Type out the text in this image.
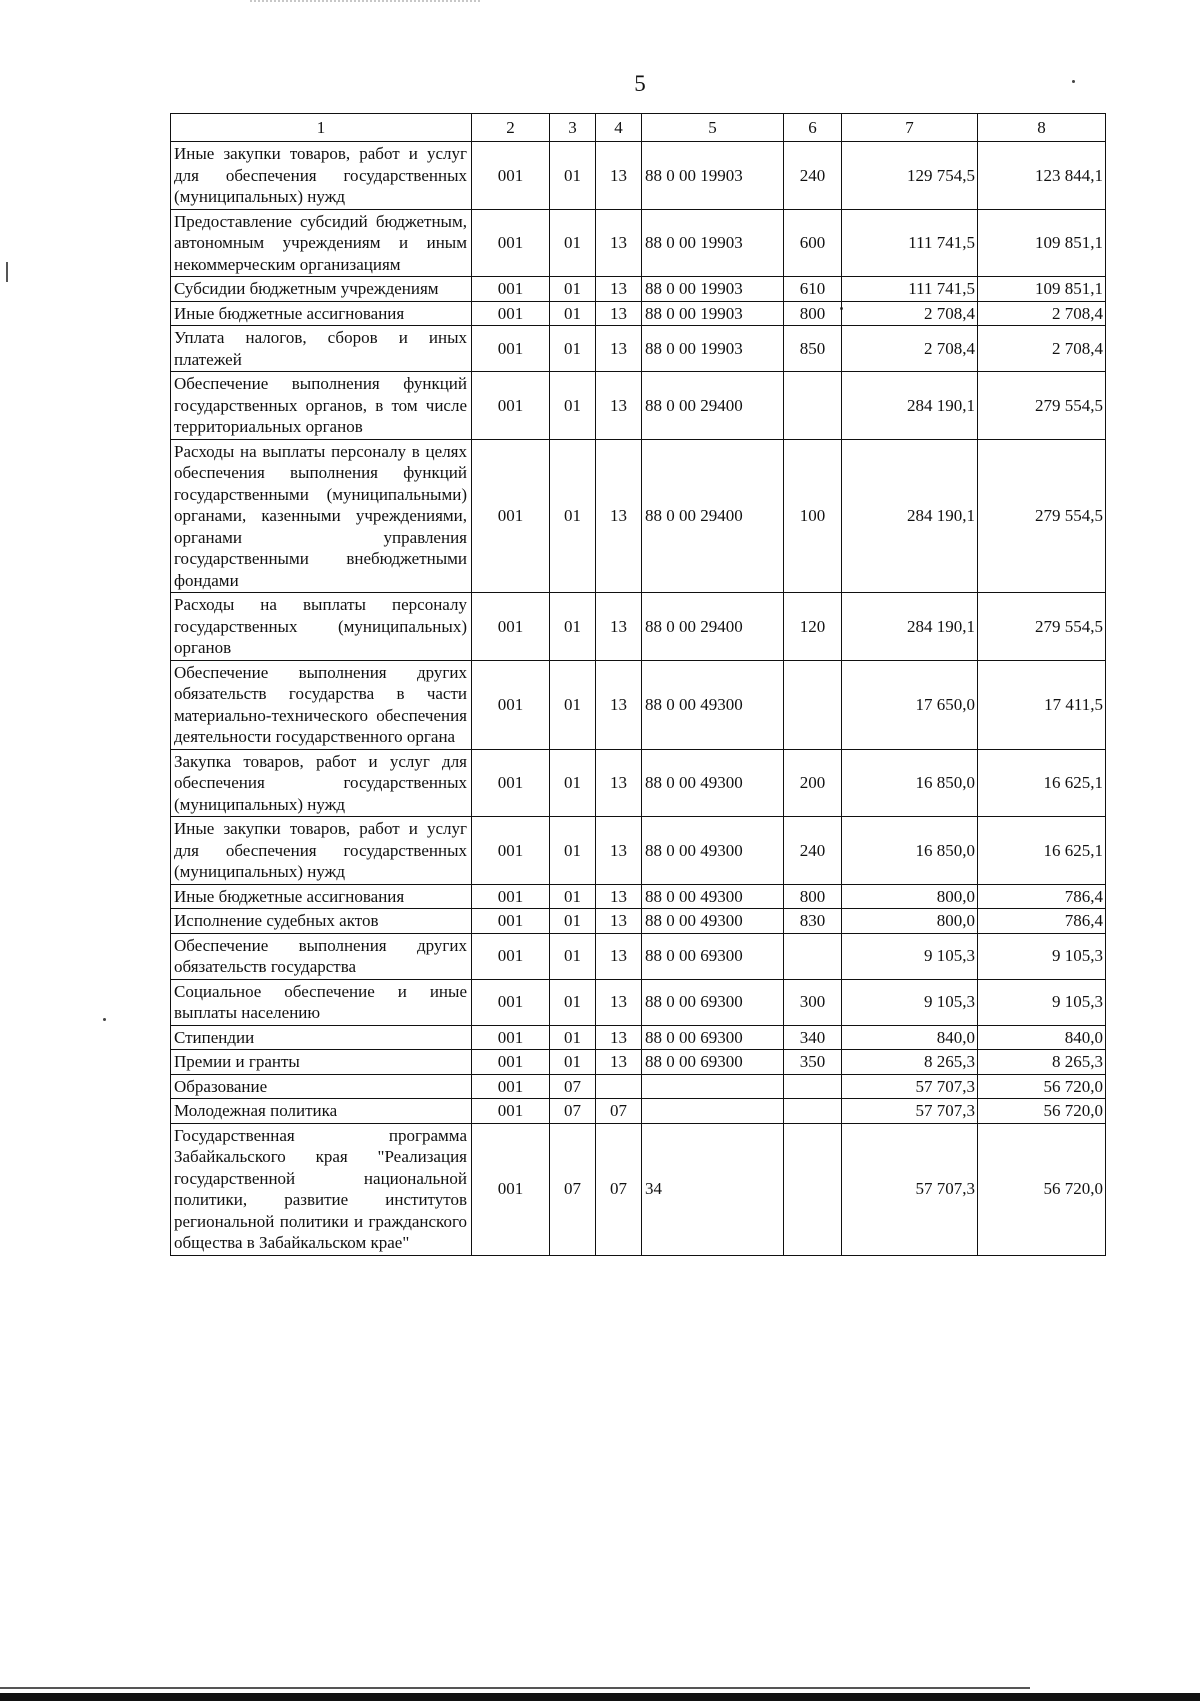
5
1	2	3	4	5	6	7	8
Иные закупки товаров, работ и услуг для обеспечения государственных (муниципальных) нужд	001	01	13	88 0 00 19903	240	129 754,5	123 844,1
Предоставление субсидий бюджетным, автономным учреждениям и иным некоммерческим организациям	001	01	13	88 0 00 19903	600	111 741,5	109 851,1
Субсидии бюджетным учреждениям	001	01	13	88 0 00 19903	610	111 741,5	109 851,1
Иные бюджетные ассигнования	001	01	13	88 0 00 19903	800	2 708,4	2 708,4
Уплата налогов, сборов и иных платежей	001	01	13	88 0 00 19903	850	2 708,4	2 708,4
Обеспечение выполнения функций государственных органов, в том числе территориальных органов	001	01	13	88 0 00 29400		284 190,1	279 554,5
Расходы на выплаты персоналу в целях обеспечения выполнения функций государственными (муниципальными) органами, казенными учреждениями, органами управления государственными внебюджетными фондами	001	01	13	88 0 00 29400	100	284 190,1	279 554,5
Расходы на выплаты персоналу государственных (муниципальных) органов	001	01	13	88 0 00 29400	120	284 190,1	279 554,5
Обеспечение выполнения других обязательств государства в части материально-технического обеспечения деятельности государственного органа	001	01	13	88 0 00 49300		17 650,0	17 411,5
Закупка товаров, работ и услуг для обеспечения государственных (муниципальных) нужд	001	01	13	88 0 00 49300	200	16 850,0	16 625,1
Иные закупки товаров, работ и услуг для обеспечения государственных (муниципальных) нужд	001	01	13	88 0 00 49300	240	16 850,0	16 625,1
Иные бюджетные ассигнования	001	01	13	88 0 00 49300	800	800,0	786,4
Исполнение судебных актов	001	01	13	88 0 00 49300	830	800,0	786,4
Обеспечение выполнения других обязательств государства	001	01	13	88 0 00 69300		9 105,3	9 105,3
Социальное обеспечение и иные выплаты населению	001	01	13	88 0 00 69300	300	9 105,3	9 105,3
Стипендии	001	01	13	88 0 00 69300	340	840,0	840,0
Премии и гранты	001	01	13	88 0 00 69300	350	8 265,3	8 265,3
Образование	001	07				57 707,3	56 720,0
Молодежная политика	001	07	07			57 707,3	56 720,0
Государственная программа Забайкальского края "Реализация государственной национальной политики, развитие институтов региональной политики и гражданского общества в Забайкальском крае"	001	07	07	34		57 707,3	56 720,0
